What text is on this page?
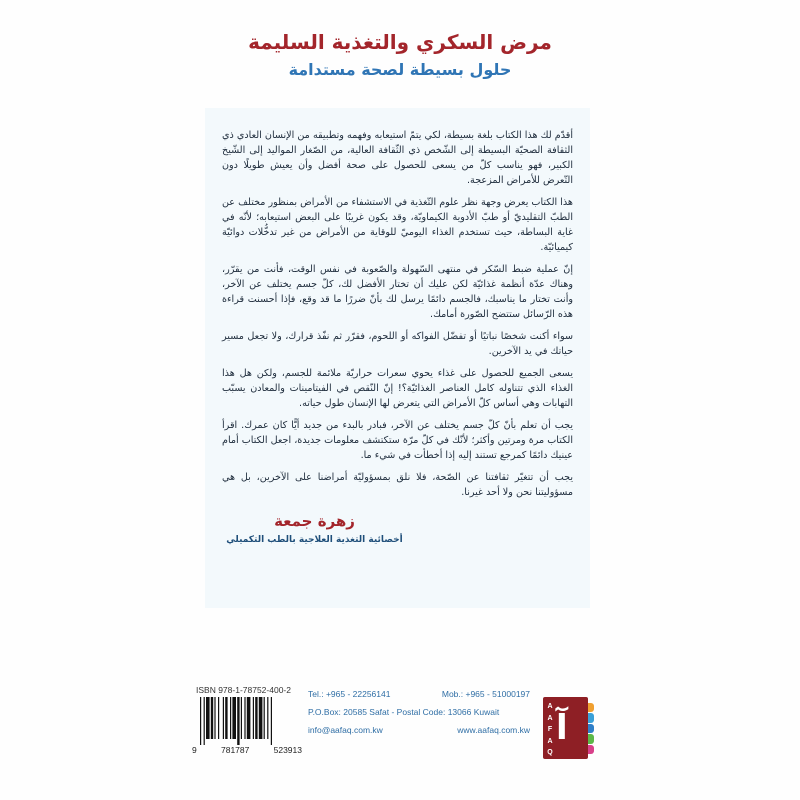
مرض السكري والتغذية السليمة
حلول بسيطة لصحة مستدامة

أقدّم لك هذا الكتاب بلغة بسيطة، لكي يتمّ استيعابه وفهمه وتطبيقه من الإنسان العادي ذي الثقافة الصحيّة البسيطة إلى الشّخص ذي الثّقافة العالية، من الصّغار المواليد إلى الشّيخ الكبير، فهو يناسب كلّ من يسعى للحصول على صحة أفضل وأن يعيش طويلًا دون التّعرض للأمراض المزعجة.

هذا الكتاب يعرض وجهة نظر علوم التّغذية في الاستشفاء من الأمراض بمنظور مختلف عن الطبّ التقليديّ أو طبّ الأدوية الكيماويّة، وقد يكون غريبًا على البعض استيعابه؛ لأنّه في غاية البساطة، حيث تستخدم الغذاء اليوميّ للوقاية من الأمراض من غير تدخُّلات دوائيّة كيميائيّة.

إنّ عملية ضبط السّكر في منتهى السّهولة والصّعوبة في نفس الوقت، فأنت من يقرّر، وهناك عدّة أنظمة غذائيّة لكن عليك أن تختار الأفضل لك، كلّ جسم يختلف عن الآخر، وأنت تختار ما يناسبك، فالجسم دائمًا يرسل لك بأنّ ضررًا ما قد وقع، فإذا أحسنت قراءة هذه الرّسائل ستتضح الصّورة أمامك.

سواء أكنت شخصًا نباتيًا أو تفضّل الفواكه أو اللحوم، فقرّر ثم نفّذ قرارك، ولا تجعل مسير حياتك في يد الآخرين.

يسعى الجميع للحصول على غذاء يحوي سعرات حراريّة ملائمة للجسم، ولكن هل هذا الغذاء الذي تتناوله كامل العناصر الغذائيّة؟! إنّ النّقص في الفيتامينات والمعادن يسبّب التهابات وهي أساس كلّ الأمراض التي يتعرض لها الإنسان طول حياته.

يجب أن تعلم بأنّ كلّ جسم يختلف عن الآخر، فبادر بالبدء من جديد أيًّا كان عمرك. اقرأ الكتاب مرة ومرتين وأكثر؛ لأنّك في كلّ مرّة ستكتشف معلومات جديدة، اجعل الكتاب أمام عينيك دائمًا كمرجع تستند إليه إذا أخطأت في شيء ما.

يجب أن تتغيّر ثقافتنا عن الصّحة، فلا نلق بمسؤوليّة أمراضنا على الآخرين، بل هي مسؤوليتنا نحن ولا أحد غيرنا.

زهرة جمعة
أخصائية التغذية العلاجية بالطب التكميلي
ISBN 978-1-78752-400-2
9	781787	523913
Tel.: +965 - 22256141	Mob.: +965 - 51000197
P.O.Box: 20585 Safat - Postal Code: 13066 Kuwait
info@aafaq.com.kw	www.aafaq.com.kw
A
A
F
A
Q
آ
